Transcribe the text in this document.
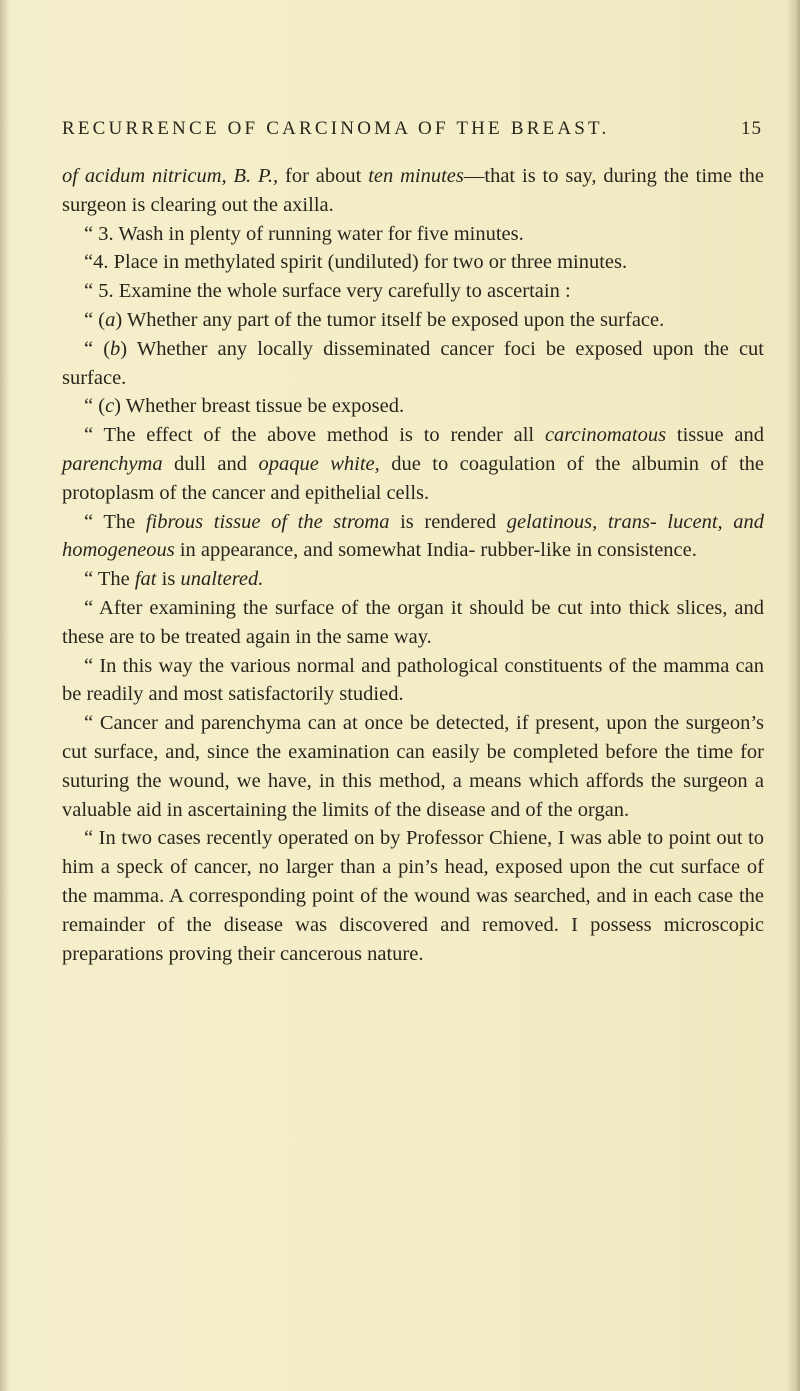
RECURRENCE OF CARCINOMA OF THE BREAST.	15

of acidum nitricum, B. P., for about ten minutes—that is to say, during the time the surgeon is clearing out the axilla.

“ 3. Wash in plenty of running water for five minutes.

“4. Place in methylated spirit (undiluted) for two or three minutes.

“ 5. Examine the whole surface very carefully to ascertain :

“ (a) Whether any part of the tumor itself be exposed upon the surface.

“ (b) Whether any locally disseminated cancer foci be exposed upon the cut surface.

“ (c) Whether breast tissue be exposed.

“ The effect of the above method is to render all carcinomatous tissue and parenchyma dull and opaque white, due to coagulation of the albumin of the protoplasm of the cancer and epithelial cells.

“ The fibrous tissue of the stroma is rendered gelatinous, trans- lucent, and homogeneous in appearance, and somewhat India- rubber-like in consistence.

“ The fat is unaltered.

“ After examining the surface of the organ it should be cut into thick slices, and these are to be treated again in the same way.

“ In this way the various normal and pathological constituents of the mamma can be readily and most satisfactorily studied.

“ Cancer and parenchyma can at once be detected, if present, upon the surgeon’s cut surface, and, since the examination can easily be completed before the time for suturing the wound, we have, in this method, a means which affords the surgeon a valuable aid in ascertaining the limits of the disease and of the organ.

“ In two cases recently operated on by Professor Chiene, I was able to point out to him a speck of cancer, no larger than a pin’s head, exposed upon the cut surface of the mamma. A corresponding point of the wound was searched, and in each case the remainder of the disease was discovered and removed. I possess microscopic preparations proving their cancerous nature.
